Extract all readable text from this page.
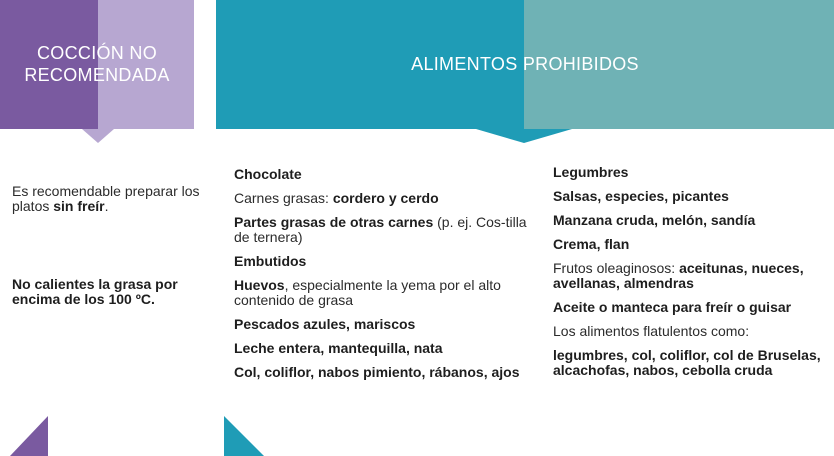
COCCIÓN NO
RECOMENDADA
ALIMENTOS PROHIBIDOS

Es recomendable preparar los platos sin freír.

No calientes la grasa por encima de los 100 ºC.

Chocolate

Carnes grasas: cordero y cerdo

Partes grasas de otras carnes (p. ej. Cos-tilla de ternera)

Embutidos

Huevos, especialmente la yema por el alto contenido de grasa

Pescados azules, mariscos

Leche entera, mantequilla, nata

Col, coliflor, nabos pimiento, rábanos, ajos

Legumbres

Salsas, especies, picantes

Manzana cruda, melón, sandía

Crema, flan

Frutos oleaginosos: aceitunas, nueces, avellanas, almendras

Aceite o manteca para freír o guisar

Los alimentos flatulentos como:

legumbres, col, coliflor, col de Bruselas, alcachofas, nabos, cebolla cruda
